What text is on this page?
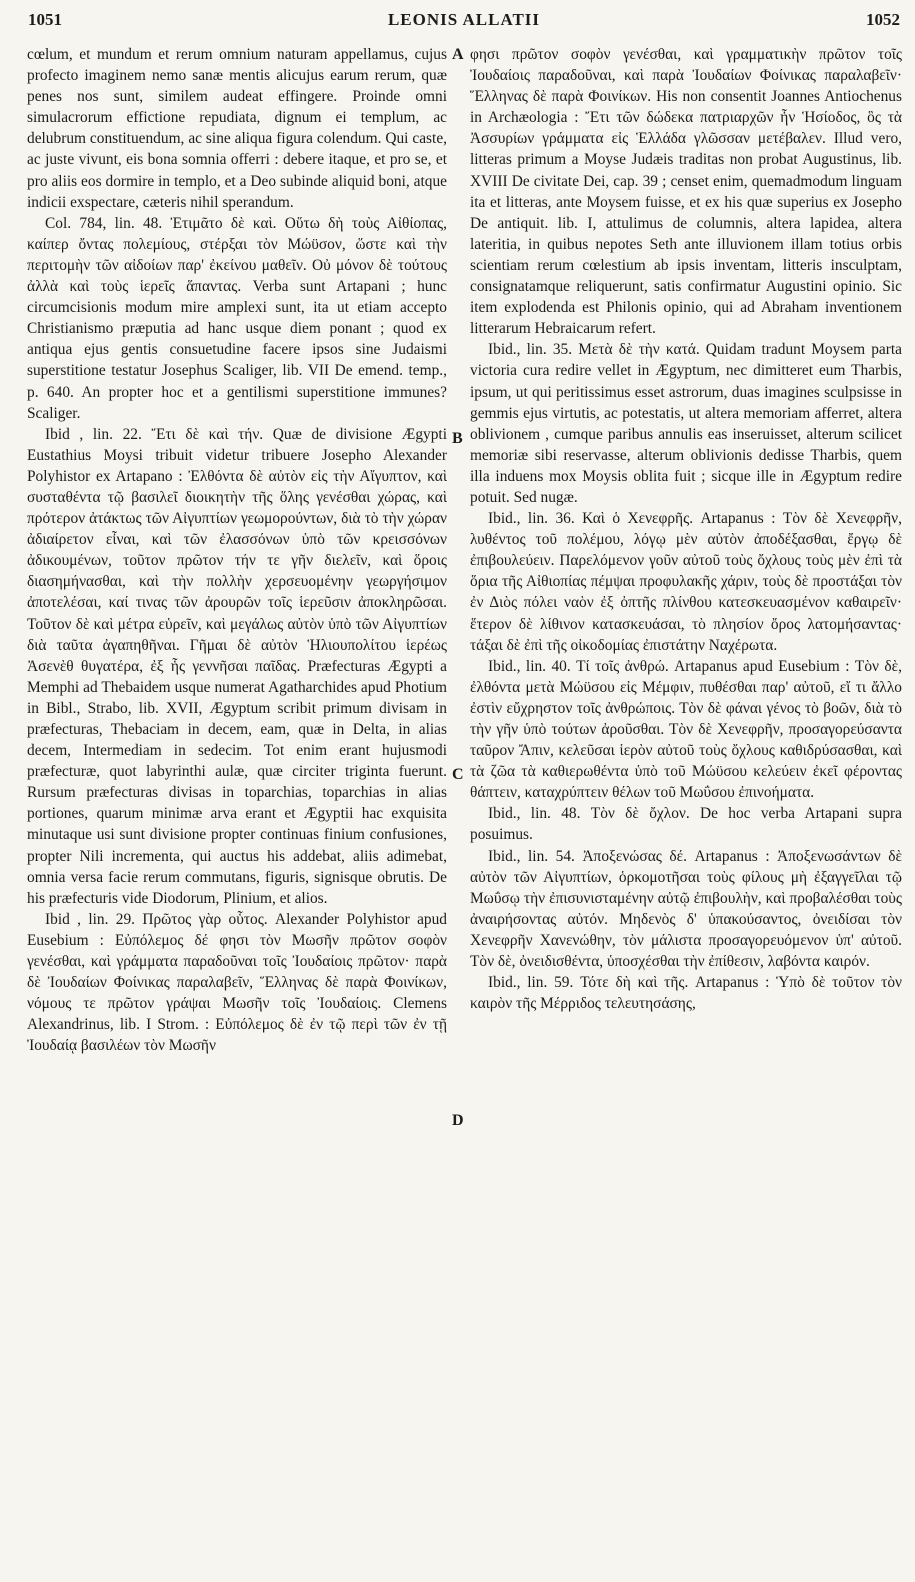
1051	LEONIS ALLATII	1052

cœlum, et mundum et rerum omnium naturam appellamus, cujus profecto imaginem nemo sanæ mentis alicujus earum rerum, quæ penes nos sunt, similem audeat effingere. Proinde omni simulacrorum effictione repudiata, dignum ei templum, ac delubrum constituendum, ac sine aliqua figura colendum. Qui caste, ac juste vivunt, eis bona somnia offerri : debere itaque, et pro se, et pro aliis eos dormire in templo, et a Deo subinde aliquid boni, atque indicii exspectare, cæteris nihil sperandum.

Col. 784, lin. 48. Ἐτιμᾶτο δὲ καὶ. Οὕτω δὴ τοὺς Αἰθίοπας, καίπερ ὄντας πολεμίους, στέρξαι τὸν Μώϋσον, ὥστε καὶ τὴν περιτομὴν τῶν αἰδοίων παρ' ἐκείνου μαθεῖν. Οὐ μόνον δὲ τούτους ἀλλὰ καὶ τοὺς ἱερεῖς ἅπαντας. Verba sunt Artapani ; hunc circumcisionis modum mire amplexi sunt, ita ut etiam accepto Christianismo præputia ad hanc usque diem ponant ; quod ex antiqua ejus gentis consuetudine facere ipsos sine Judaismi superstitione testatur Josephus Scaliger, lib. VII De emend. temp., p. 640. An propter hoc et a gentilismi superstitione immunes? Scaliger.

Ibid , lin. 22. Ἔτι δὲ καὶ τήν. Quæ de divisione Ægypti Eustathius Moysi tribuit videtur tribuere Josepho Alexander Polyhistor ex Artapano : Ἐλθόντα δὲ αὐτὸν εἰς τὴν Αἴγυπτον, καὶ συσταθέντα τῷ βασιλεῖ διοικητὴν τῆς ὅλης γενέσθαι χώρας, καὶ πρότερον ἀτάκτως τῶν Αἰγυπτίων γεωμορούντων, διὰ τὸ τὴν χώραν ἀδιαίρετον εἶναι, καὶ τῶν ἐλασσόνων ὑπὸ τῶν κρεισσόνων ἀδικουμένων, τοῦτον πρῶτον τήν τε γῆν διελεῖν, καὶ ὅροις διασημήνασθαι, καὶ τὴν πολλὴν χερσευομένην γεωργήσιμον ἀποτελέσαι, καί τινας τῶν ἀρουρῶν τοῖς ἱερεῦσιν ἀποκληρῶσαι. Τοῦτον δὲ καὶ μέτρα εὑρεῖν, καὶ μεγάλως αὐτὸν ὑπὸ τῶν Αἰγυπτίων διὰ ταῦτα ἀγαπηθῆναι. Γῆμαι δὲ αὐτὸν Ἡλιουπολίτου ἱερέως Ἀσενὲθ θυγατέρα, ἐξ ἧς γεννῆσαι παῖδας. Præfecturas Ægypti a Memphi ad Thebaidem usque numerat Agatharchides apud Photium in Bibl., Strabo, lib. XVII, Ægyptum scribit primum divisam in præfecturas, Thebaciam in decem, eam, quæ in Delta, in alias decem, Intermediam in sedecim. Tot enim erant hujusmodi præfecturæ, quot labyrinthi aulæ, quæ circiter triginta fuerunt. Rursum præfecturas divisas in toparchias, toparchias in alias portiones, quarum minimæ arva erant et Ægyptii hac exquisita minutaque usi sunt divisione propter continuas finium confusiones, propter Nili incrementa, qui auctus his addebat, aliis adimebat, omnia versa facie rerum commutans, figuris, signisque obrutis. De his præfecturis vide Diodorum, Plinium, et alios.

Ibid , lin. 29. Πρῶτος γὰρ οὗτος. Alexander Polyhistor apud Eusebium : Εὐπόλεμος δέ φησι τὸν Μωσῆν πρῶτον σοφὸν γενέσθαι, καὶ γράμματα παραδοῦναι τοῖς Ἰουδαίοις πρῶτον· παρὰ δὲ Ἰουδαίων Φοίνικας παραλαβεῖν, Ἕλληνας δὲ παρὰ Φοινίκων, νόμους τε πρῶτον γράψαι Μωσῆν τοῖς Ἰουδαίοις. Clemens Alexandrinus, lib. I Strom. : Εὐπόλεμος δὲ ἐν τῷ περὶ τῶν ἐν τῇ Ἰουδαίᾳ βασιλέων τὸν Μωσῆν

φησι πρῶτον σοφὸν γενέσθαι, καὶ γραμματικὴν πρῶτον τοῖς Ἰουδαίοις παραδοῦναι, καὶ παρὰ Ἰουδαίων Φοίνικας παραλαβεῖν· Ἕλληνας δὲ παρὰ Φοινίκων. His non consentit Joannes Antiochenus in Archæologia : Ἔτι τῶν δώδεκα πατριαρχῶν ἦν Ἡσίοδος, ὃς τὰ Ἀσσυρίων γράμματα εἰς Ἑλλάδα γλῶσσαν μετέβαλεν. Illud vero, litteras primum a Moyse Judæis traditas non probat Augustinus, lib. XVIII De civitate Dei, cap. 39 ; censet enim, quemadmodum linguam ita et litteras, ante Moysem fuisse, et ex his quæ superius ex Josepho De antiquit. lib. I, attulimus de columnis, altera lapidea, altera lateritia, in quibus nepotes Seth ante illuvionem illam totius orbis scientiam rerum cœlestium ab ipsis inventam, litteris insculptam, consignatamque reliquerunt, satis confirmatur Augustini opinio. Sic item explodenda est Philonis opinio, qui ad Abraham inventionem litterarum Hebraicarum refert.

Ibid., lin. 35. Μετὰ δὲ τὴν κατά. Quidam tradunt Moysem parta victoria cura redire vellet in Ægyptum, nec dimitteret eum Tharbis, ipsum, ut qui peritissimus esset astrorum, duas imagines sculpsisse in gemmis ejus virtutis, ac potestatis, ut altera memoriam afferret, altera oblivionem , cumque paribus annulis eas inseruisset, alterum scilicet memoriæ sibi reservasse, alterum oblivionis dedisse Tharbis, quem illa induens mox Moysis oblita fuit ; sicque ille in Ægyptum redire potuit. Sed nugæ.

Ibid., lin. 36. Καὶ ὁ Χενεφρῆς. Artapanus : Τὸν δὲ Χενεφρῆν, λυθέντος τοῦ πολέμου, λόγῳ μὲν αὐτὸν ἀποδέξασθαι, ἔργῳ δὲ ἐπιβουλεύειν. Παρελόμενον γοῦν αὐτοῦ τοὺς ὄχλους τοὺς μὲν ἐπὶ τὰ ὅρια τῆς Αἰθιοπίας πέμψαι προφυλακῆς χάριν, τοὺς δὲ προστάξαι τὸν ἐν Διὸς πόλει ναὸν ἐξ ὀπτῆς πλίνθου κατεσκευασμένον καθαιρεῖν· ἕτερον δὲ λίθινον κατασκευάσαι, τὸ πλησίον ὄρος λατομήσαντας· τάξαι δὲ ἐπὶ τῆς οἰκοδομίας ἐπιστάτην Ναχέρωτα.

Ibid., lin. 40. Τί τοῖς ἀνθρώ. Artapanus apud Eusebium : Τὸν δὲ, ἐλθόντα μετὰ Μώϋσου εἰς Μέμφιν, πυθέσθαι παρ' αὐτοῦ, εἴ τι ἄλλο ἐστὶν εὔχρηστον τοῖς ἀνθρώποις. Τὸν δὲ φάναι γένος τὸ βοῶν, διὰ τὸ τὴν γῆν ὑπὸ τούτων ἀροῦσθαι. Τὸν δὲ Χενεφρῆν, προσαγορεύσαντα ταῦρον Ἄπιν, κελεῦσαι ἱερὸν αὐτοῦ τοὺς ὄχλους καθιδρύσασθαι, καὶ τὰ ζῶα τὰ καθιερωθέντα ὑπὸ τοῦ Μώϋσου κελεύειν ἐκεῖ φέροντας θάπτειν, καταχρύπτειν θέλων τοῦ Μωΰσου ἐπινοήματα.

Ibid., lin. 48. Τὸν δὲ ὄχλον. De hoc verba Artapani supra posuimus.

Ibid., lin. 54. Ἀποξενώσας δέ. Artapanus : Ἀποξενωσάντων δὲ αὐτὸν τῶν Αἰγυπτίων, ὁρκομοτῆσαι τοὺς φίλους μὴ ἐξαγγεῖλαι τῷ Μωΰσῳ τὴν ἐπισυνισταμένην αὐτῷ ἐπιβουλὴν, καὶ προβαλέσθαι τοὺς ἀναιρήσοντας αὐτόν. Μηδενὸς δ' ὑπακούσαντος, ὀνειδίσαι τὸν Χενεφρῆν Χανενώθην, τὸν μάλιστα προσαγορευόμενον ὑπ' αὐτοῦ. Τὸν δὲ, ὀνειδισθέντα, ὑποσχέσθαι τὴν ἐπίθεσιν, λαβόντα καιρόν.

Ibid., lin. 59. Τότε δὴ καὶ τῆς. Artapanus : Ὑπὸ δὲ τοῦτον τὸν καιρὸν τῆς Μέρριδος τελευτησάσης,

A
B
C
D
